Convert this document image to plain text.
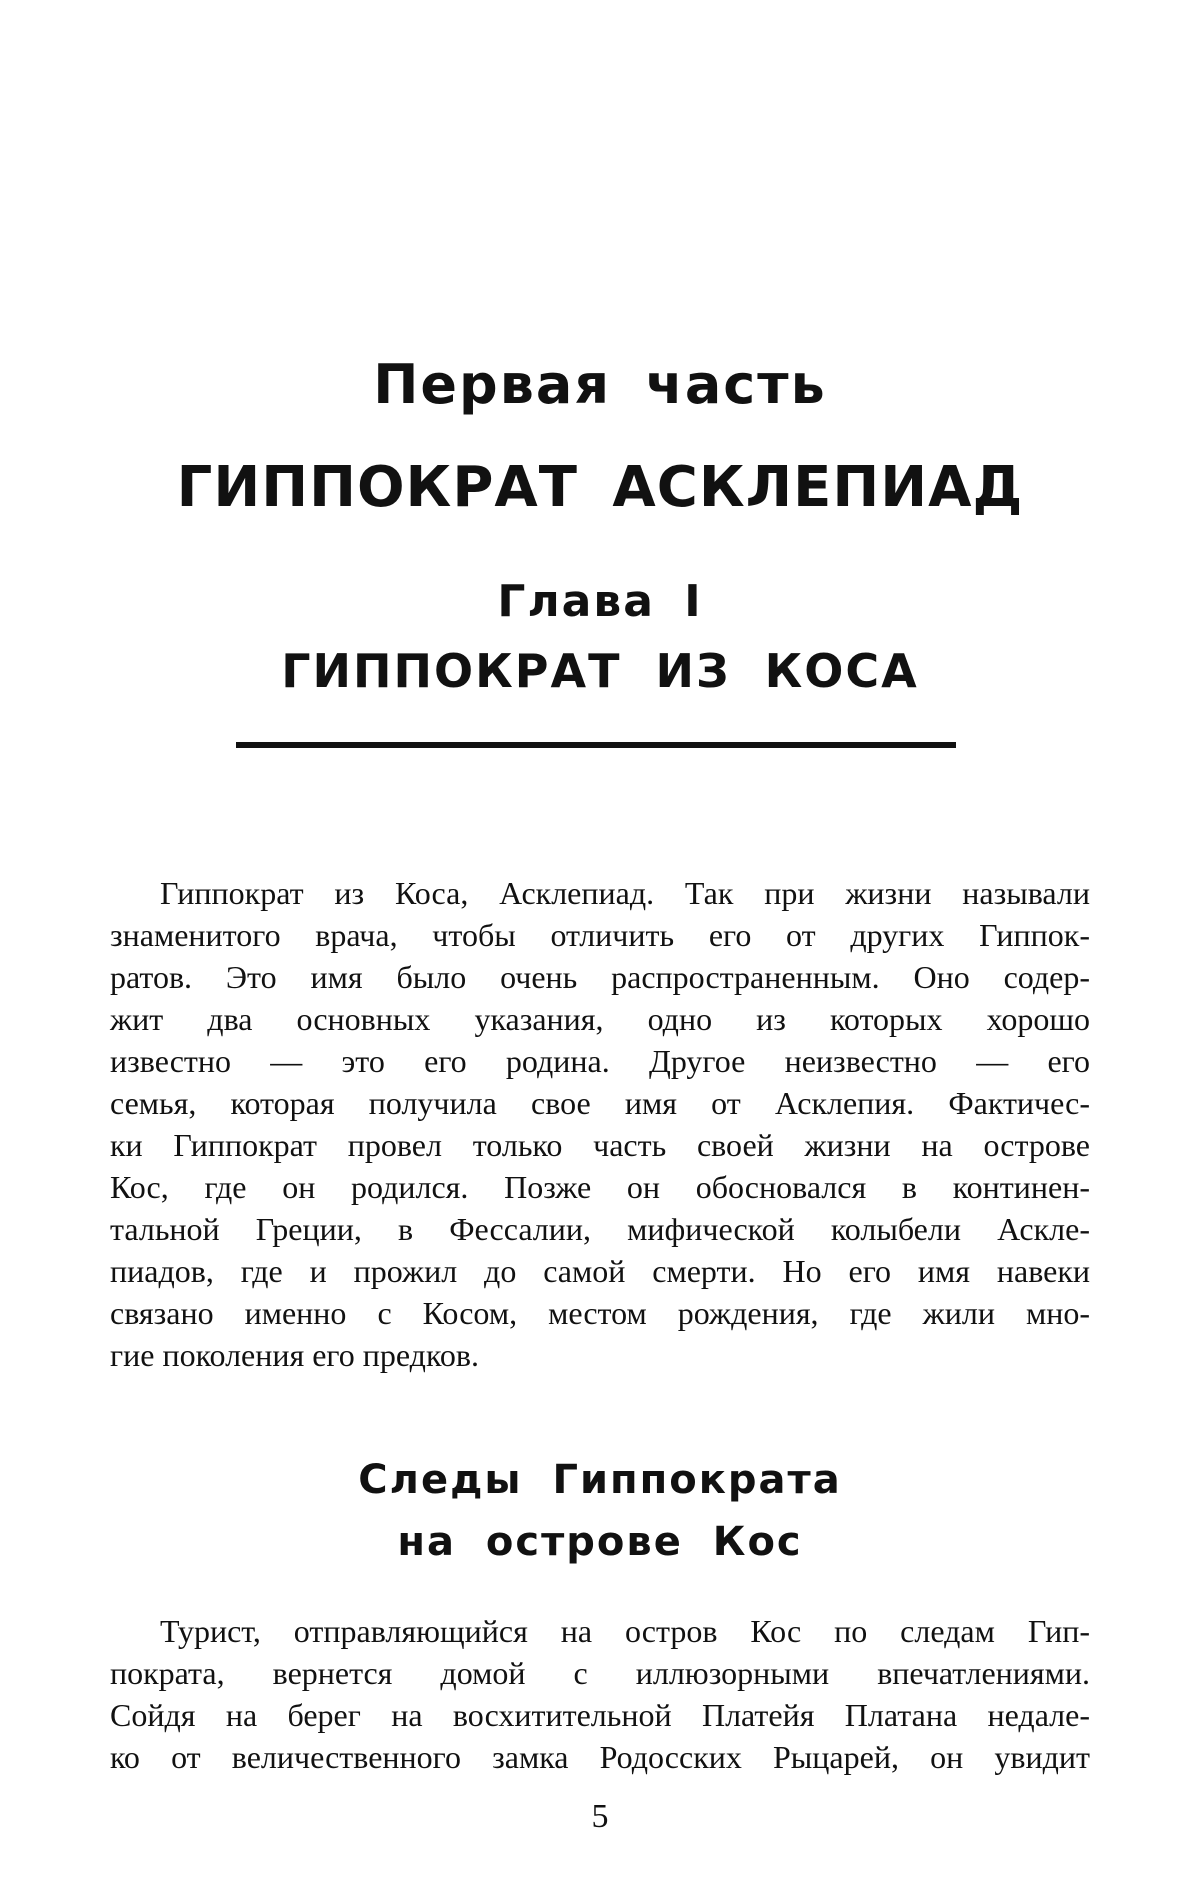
Первая часть
ГИППОКРАТ АСКЛЕПИАД
Глава I
ГИППОКРАТ ИЗ КОСА
Гиппократ из Коса, Асклепиад. Так при жизни называли
знаменитого врача, чтобы отличить его от других Гиппок-
ратов. Это имя было очень распространенным. Оно содер-
жит два основных указания, одно из которых хорошо
известно — это его родина. Другое неизвестно — его
семья, которая получила свое имя от Асклепия. Фактичес-
ки Гиппократ провел только часть своей жизни на острове
Кос, где он родился. Позже он обосновался в континен-
тальной Греции, в Фессалии, мифической колыбели Аскле-
пиадов, где и прожил до самой смерти. Но его имя навеки
связано именно с Косом, местом рождения, где жили мно-
гие поколения его предков.
Следы Гиппократа
на острове Кос
Турист, отправляющийся на остров Кос по следам Гип-
пократа, вернется домой с иллюзорными впечатлениями.
Сойдя на берег на восхитительной Платейя Платана недале-
ко от величественного замка Родосских Рыцарей, он увидит
5
